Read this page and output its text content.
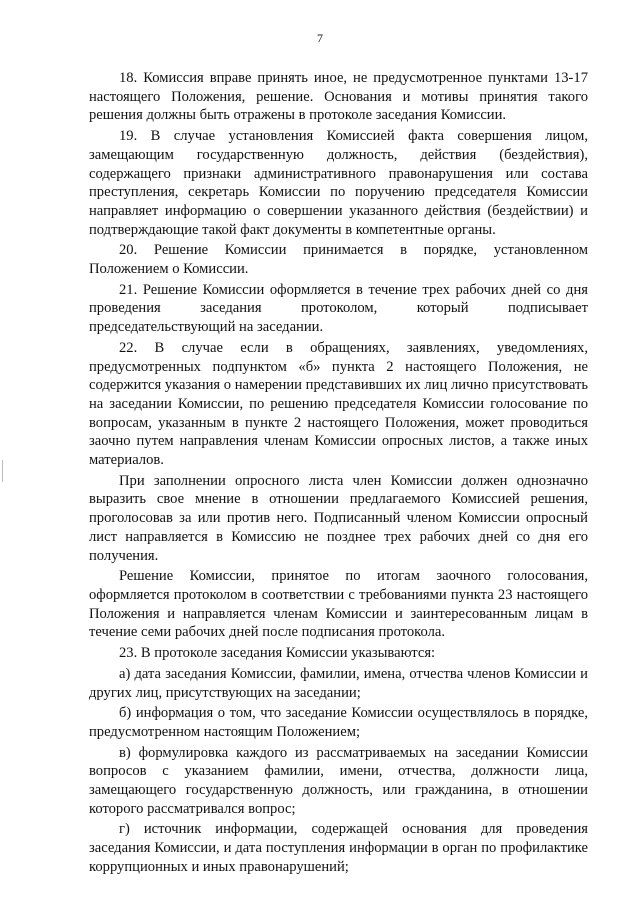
7

18. Комиссия вправе принять иное, не предусмотренное пунктами 13-17 настоящего Положения, решение. Основания и мотивы принятия такого решения должны быть отражены в протоколе заседания Комиссии.

19. В случае установления Комиссией факта совершения лицом, замещающим государственную должность, действия (бездействия), содержащего признаки административного правонарушения или состава преступления, секретарь Комиссии по поручению председателя Комиссии направляет информацию о совершении указанного действия (бездействии) и подтверждающие такой факт документы в компетентные органы.

20. Решение Комиссии принимается в порядке, установленном Положением о Комиссии.

21. Решение Комиссии оформляется в течение трех рабочих дней со дня проведения заседания протоколом, который подписывает председательствующий на заседании.

22. В случае если в обращениях, заявлениях, уведомлениях, предусмотренных подпунктом «б» пункта 2 настоящего Положения, не содержится указания о намерении представивших их лиц лично присутствовать на заседании Комиссии, по решению председателя Комиссии голосование по вопросам, указанным в пункте 2 настоящего Положения, может проводиться заочно путем направления членам Комиссии опросных листов, а также иных материалов.

При заполнении опросного листа член Комиссии должен однозначно выразить свое мнение в отношении предлагаемого Комиссией решения, проголосовав за или против него. Подписанный членом Комиссии опросный лист направляется в Комиссию не позднее трех рабочих дней со дня его получения.

Решение Комиссии, принятое по итогам заочного голосования, оформляется протоколом в соответствии с требованиями пункта 23 настоящего Положения и направляется членам Комиссии и заинтересованным лицам в течение семи рабочих дней после подписания протокола.

23. В протоколе заседания Комиссии указываются:

а) дата заседания Комиссии, фамилии, имена, отчества членов Комиссии и других лиц, присутствующих на заседании;

б) информация о том, что заседание Комиссии осуществлялось в порядке, предусмотренном настоящим Положением;

в) формулировка каждого из рассматриваемых на заседании Комиссии вопросов с указанием фамилии, имени, отчества, должности лица, замещающего государственную должность, или гражданина, в отношении которого рассматривался вопрос;

г) источник информации, содержащей основания для проведения заседания Комиссии, и дата поступления информации в орган по профилактике коррупционных и иных правонарушений;
